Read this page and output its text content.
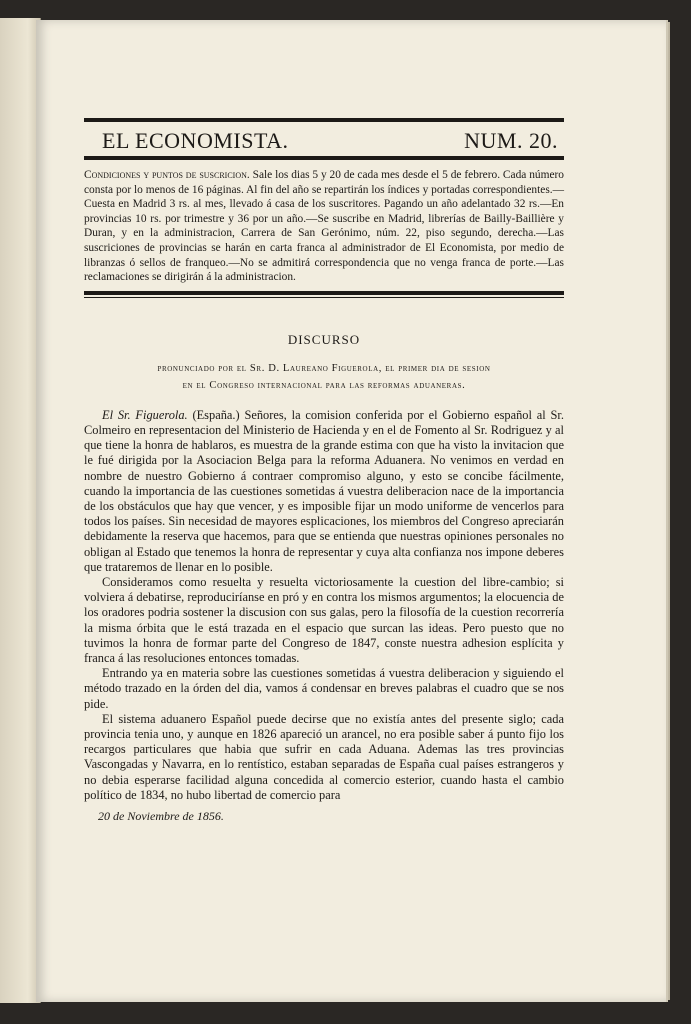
EL ECONOMISTA.	NUM. 20.
Condiciones y puntos de suscricion. Sale los dias 5 y 20 de cada mes desde el 5 de febrero. Cada número consta por lo menos de 16 páginas. Al fin del año se repartirán los índices y portadas correspondientes.—Cuesta en Madrid 3 rs. al mes, llevado á casa de los suscritores. Pagando un año adelantado 32 rs.—En provincias 10 rs. por trimestre y 36 por un año.—Se suscribe en Madrid, librerías de Bailly-Baillière y Duran, y en la administracion, Carrera de San Gerónimo, núm. 22, piso segundo, derecha.—Las suscriciones de provincias se harán en carta franca al administrador de El Economista, por medio de libranzas ó sellos de franqueo.—No se admitirá correspondencia que no venga franca de porte.—Las reclamaciones se dirigirán á la administracion.
DISCURSO
pronunciado por el Sr. D. Laureano Figuerola, el primer dia de sesion
en el Congreso internacional para las reformas aduaneras.

El Sr. Figuerola. (España.) Señores, la comision conferida por el Gobierno español al Sr. Colmeiro en representacion del Ministerio de Hacienda y en el de Fomento al Sr. Rodriguez y al que tiene la honra de hablaros, es muestra de la grande estima con que ha visto la invitacion que le fué dirigida por la Asociacion Belga para la reforma Aduanera. No venimos en verdad en nombre de nuestro Gobierno á contraer compromiso alguno, y esto se concibe fácilmente, cuando la importancia de las cuestiones sometidas á vuestra deliberacion nace de la importancia de los obstáculos que hay que vencer, y es imposible fijar un modo uniforme de vencerlos para todos los países. Sin necesidad de mayores esplicaciones, los miembros del Congreso apreciarán debidamente la reserva que hacemos, para que se entienda que nuestras opiniones personales no obligan al Estado que tenemos la honra de representar y cuya alta confianza nos impone deberes que trataremos de llenar en lo posible.

Consideramos como resuelta y resuelta victoriosamente la cuestion del libre-cambio; si volviera á debatirse, reproduciríanse en pró y en contra los mismos argumentos; la elocuencia de los oradores podria sostener la discusion con sus galas, pero la filosofía de la cuestion recorrería la misma órbita que le está trazada en el espacio que surcan las ideas. Pero puesto que no tuvimos la honra de formar parte del Congreso de 1847, conste nuestra adhesion esplícita y franca á las resoluciones entonces tomadas.

Entrando ya en materia sobre las cuestiones sometidas á vuestra deliberacion y siguiendo el método trazado en la órden del dia, vamos á condensar en breves palabras el cuadro que se nos pide.

El sistema aduanero Español puede decirse que no existía antes del presente siglo; cada provincia tenia uno, y aunque en 1826 apareció un arancel, no era posible saber á punto fijo los recargos particulares que habia que sufrir en cada Aduana. Ademas las tres provincias Vascongadas y Navarra, en lo rentístico, estaban separadas de España cual países estrangeros y no debia esperarse facilidad alguna concedida al comercio esterior, cuando hasta el cambio político de 1834, no hubo libertad de comercio para

20 de Noviembre de 1856.
